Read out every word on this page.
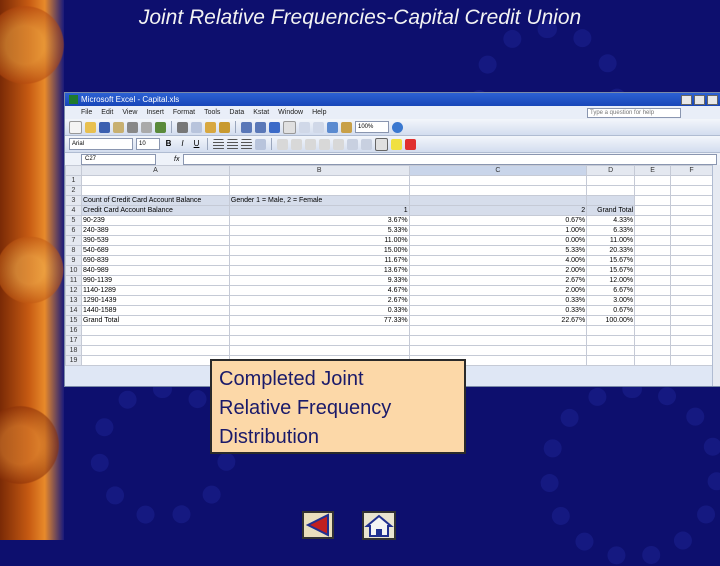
Joint Relative Frequencies-Capital Credit Union
Microsoft Excel - Capital.xls
File Edit View Insert Format Tools Data Kstat Window Help	Type a question for help
100%
Arial	10	B	I	U
C27	fx
	A	B	C	D	E	F
1						
2						
3	Count of Credit Card Account Balance	Gender 1 = Male, 2 = Female				
4	Credit Card Account Balance	1	2	Grand Total		
5	90-239	3.67%	0.67%	4.33%		
6	240-389	5.33%	1.00%	6.33%		
7	390-539	11.00%	0.00%	11.00%		
8	540-689	15.00%	5.33%	20.33%		
9	690-839	11.67%	4.00%	15.67%		
10	840-989	13.67%	2.00%	15.67%		
11	990-1139	9.33%	2.67%	12.00%		
12	1140-1289	4.67%	2.00%	6.67%		
13	1290-1439	2.67%	0.33%	3.00%		
14	1440-1589	0.33%	0.33%	0.67%		
15	Grand Total	77.33%	22.67%	100.00%		
16						
17						
18						
19						
Completed Joint
Relative Frequency
Distribution
